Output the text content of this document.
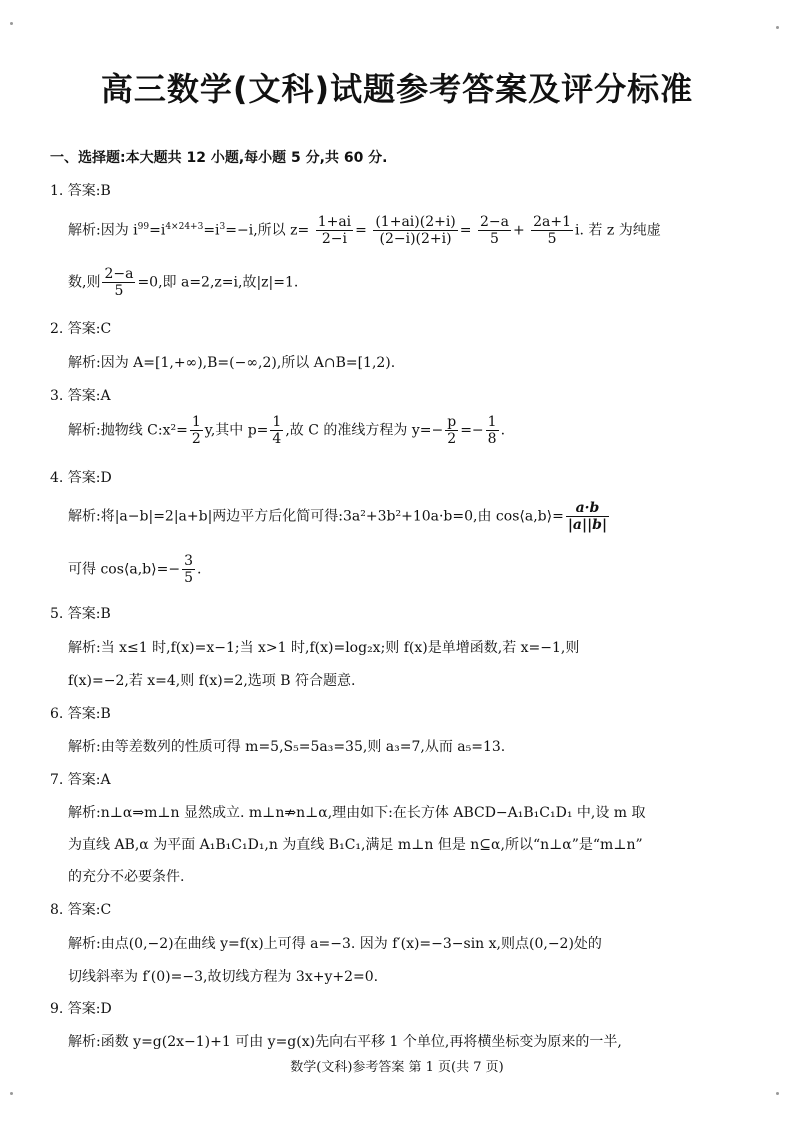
高三数学(文科)试题参考答案及评分标准
一、选择题:本大题共 12 小题,每小题 5 分,共 60 分.
1. 答案:B
解析:因为 $i^{99}=i^{4\times 24+3}=i^3=-i$,所以 $z= \frac{1+ai}{2-i} = \frac{(1+ai)(2+i)}{(2-i)(2+i)} = \frac{2-a}{5} + \frac{2a+1}{5} i$. 若 z 为纯虚
数,则 $\frac{2-a}{5} =0$,即 a=2,z=i,故|z|=1.
2. 答案:C
解析:因为 A=[1,+∞),B=(−∞,2),所以 A∩B=[1,2).
3. 答案:A
解析:抛物线 C:x²= $\frac{1}{2} y$,其中 $p= \frac{1}{4}$ ,故 C 的准线方程为 $y=- \frac{p}{2} =- \frac{1}{8}$ .
4. 答案:D
解析:将|a−b|=2|a+b|两边平方后化简可得:3a²+3b²+10a·b=0,由 cos⟨a,b⟩= $\frac{a\cdot b}{|a||b|}$
可得 cos⟨a,b⟩=− $\frac{3}{5}$ .
5. 答案:B
解析:当 x≤1 时,f(x)=x−1;当 x>1 时,f(x)=log₂x;则 f(x)是单增函数,若 x=−1,则
f(x)=−2,若 x=4,则 f(x)=2,选项 B 符合题意.
6. 答案:B
解析:由等差数列的性质可得 m=5,S₅=5a₃=35,则 a₃=7,从而 a₅=13.
7. 答案:A
解析:n⊥α⇒m⊥n 显然成立. m⊥n⇏n⊥α,理由如下:在长方体 ABCD−A₁B₁C₁D₁ 中,设 m 取
为直线 AB,α 为平面 A₁B₁C₁D₁,n 为直线 B₁C₁,满足 m⊥n 但是 n⊆α,所以“n⊥α”是“m⊥n”
的充分不必要条件.
8. 答案:C
解析:由点(0,−2)在曲线 y=f(x)上可得 a=−3. 因为 f′(x)=−3−sin x,则点(0,−2)处的
切线斜率为 f′(0)=−3,故切线方程为 3x+y+2=0.
9. 答案:D
解析:函数 y=g(2x−1)+1 可由 y=g(x)先向右平移 1 个单位,再将横坐标变为原来的一半,
数学(文科)参考答案 第 1 页(共 7 页)
